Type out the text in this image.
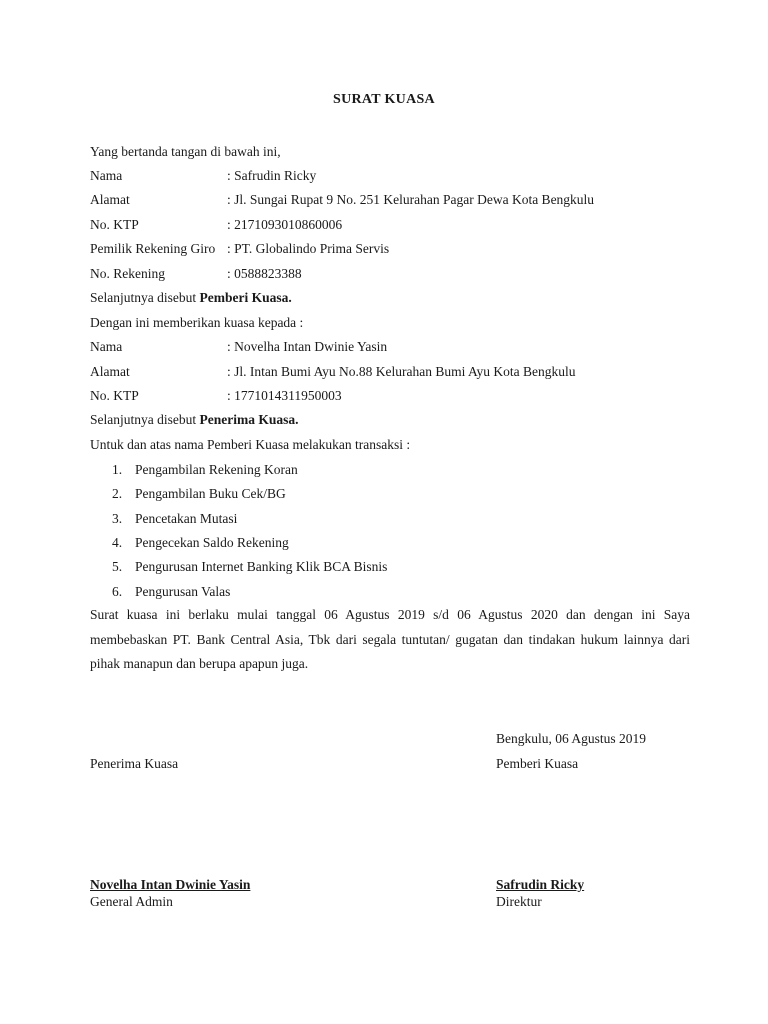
SURAT KUASA
Yang bertanda tangan di bawah ini,
Nama	: Safrudin Ricky
Alamat	: Jl. Sungai Rupat 9 No. 251 Kelurahan Pagar Dewa Kota Bengkulu
No. KTP	: 2171093010860006
Pemilik Rekening Giro : PT. Globalindo Prima Servis
No. Rekening	: 0588823388
Selanjutnya disebut Pemberi Kuasa.
Dengan ini memberikan kuasa kepada :
Nama	: Novelha Intan Dwinie Yasin
Alamat	: Jl. Intan Bumi Ayu No.88 Kelurahan Bumi Ayu Kota Bengkulu
No. KTP	: 1771014311950003
Selanjutnya disebut Penerima Kuasa.
Untuk dan atas nama Pemberi Kuasa melakukan transaksi :
1. Pengambilan Rekening Koran
2. Pengambilan Buku Cek/BG
3. Pencetakan Mutasi
4. Pengecekan Saldo Rekening
5. Pengurusan Internet Banking Klik BCA Bisnis
6. Pengurusan Valas
Surat kuasa ini berlaku mulai tanggal 06 Agustus 2019 s/d 06 Agustus 2020 dan dengan ini Saya
membebaskan PT. Bank Central Asia, Tbk dari segala tuntutan/ gugatan dan tindakan hukum lainnya dari
pihak manapun dan berupa apapun juga.
Bengkulu, 06 Agustus 2019
Penerima Kuasa	Pemberi Kuasa
Novelha Intan Dwinie Yasin
General Admin
Safrudin Ricky
Direktur
